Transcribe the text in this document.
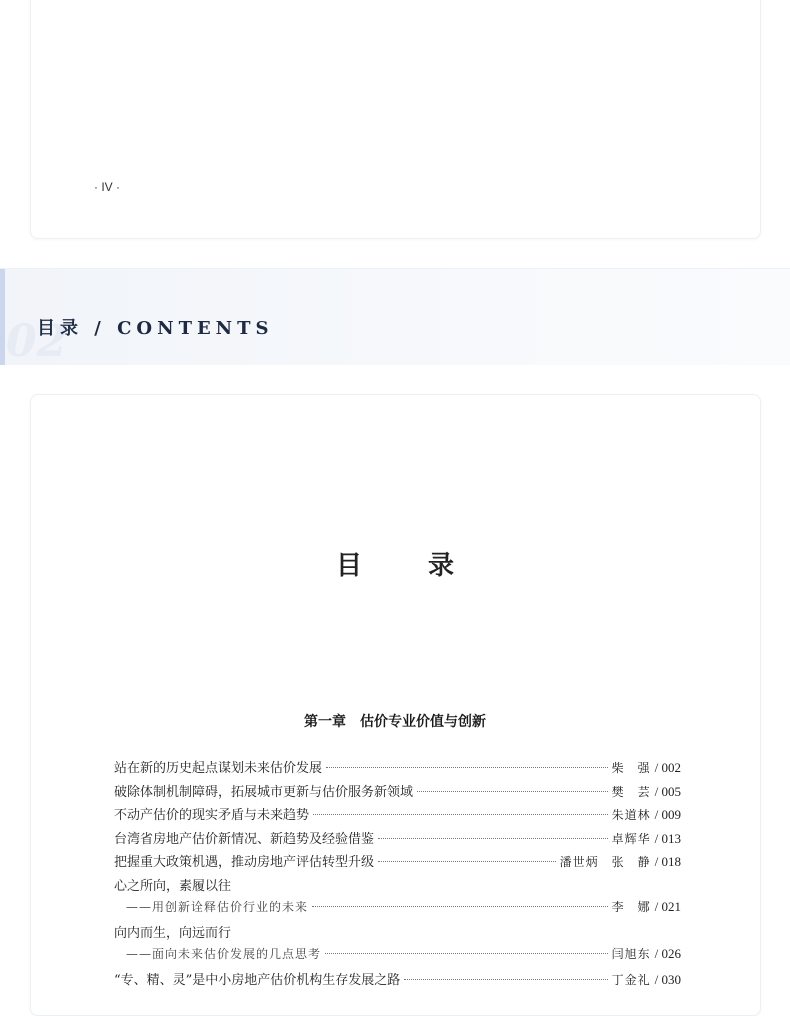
· IV ·
02
目录 / CONTENTS
目　录
第一章　估价专业价值与创新
站在新的历史起点谋划未来估价发展	柴　强 / 002
破除体制机制障碍，拓展城市更新与估价服务新领域	樊　芸 / 005
不动产估价的现实矛盾与未来趋势	朱道林 / 009
台湾省房地产估价新情况、新趋势及经验借鉴	卓辉华 / 013
把握重大政策机遇，推动房地产评估转型升级	潘世炳　张　静 / 018
心之所向，素履以往
——用创新诠释估价行业的未来	李　娜 / 021
向内而生，向远而行
——面向未来估价发展的几点思考	闫旭东 / 026
“专、精、灵”是中小房地产估价机构生存发展之路	丁金礼 / 030
